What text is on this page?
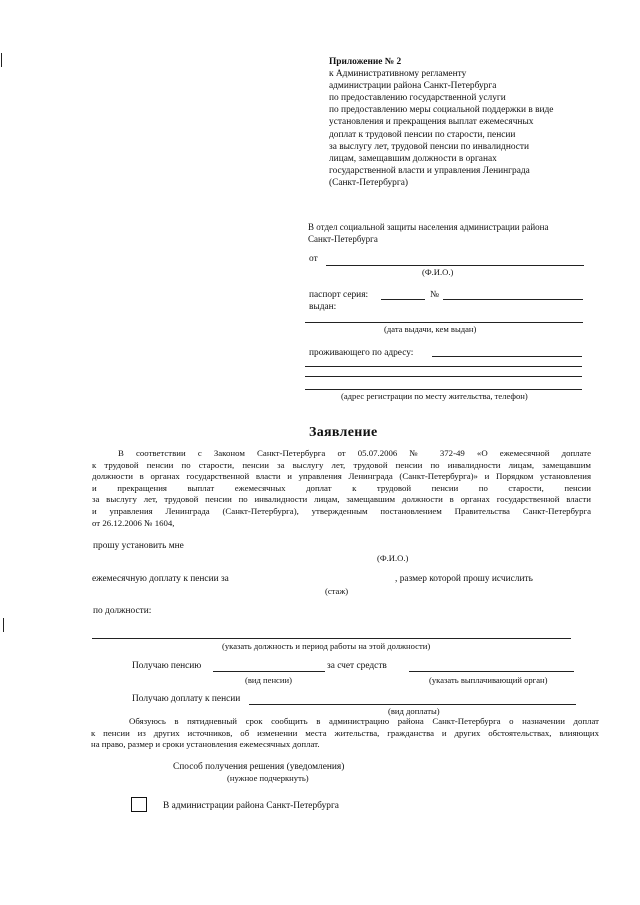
Приложение № 2
к Административному регламенту
администрации района Санкт-Петербурга
по предоставлению государственной услуги
по предоставлению меры социальной поддержки в виде
установления и прекращения выплат ежемесячных
доплат к трудовой пенсии по старости, пенсии
за выслугу лет, трудовой пенсии по инвалидности
лицам, замещавшим должности в органах
государственной власти и управления Ленинграда
(Санкт-Петербурга)
В отдел социальной защиты населения администрации района
Санкт-Петербурга
от
(Ф.И.О.)
паспорт серия:	№
выдан:
(дата выдачи, кем выдан)
проживающего по адресу:
(адрес регистрации по месту жительства, телефон)
Заявление
В соответствии с Законом Санкт-Петербурга от 05.07.2006 № 372-49 «О ежемесячной доплате
к трудовой пенсии по старости, пенсии за выслугу лет, трудовой пенсии по инвалидности лицам, замещавшим
должности в органах государственной власти и управления Ленинграда (Санкт-Петербурга)» и Порядком установления
и прекращения выплат ежемесячных доплат к трудовой пенсии по старости, пенсии
за выслугу лет, трудовой пенсии по инвалидности лицам, замещавшим должности в органах государственной власти
и управления Ленинграда (Санкт-Петербурга), утвержденным постановлением Правительства Санкт-Петербурга
от 26.12.2006 № 1604,
прошу установить мне
(Ф.И.О.)
ежемесячную доплату к пенсии за	, размер которой прошу исчислить
(стаж)
по должности:
(указать должность и период работы на этой должности)
Получаю пенсию	за счет средств
(вид пенсии)	(указать выплачивающий орган)
Получаю доплату к пенсии
(вид доплаты)
Обязуюсь в пятидневный срок сообщить в администрацию района Санкт-Петербурга о назначении доплат
к пенсии из других источников, об изменении места жительства, гражданства и других обстоятельствах, влияющих
на право, размер и сроки установления ежемесячных доплат.
Способ получения решения (уведомления)
(нужное подчеркнуть)
В администрации района Санкт-Петербурга
